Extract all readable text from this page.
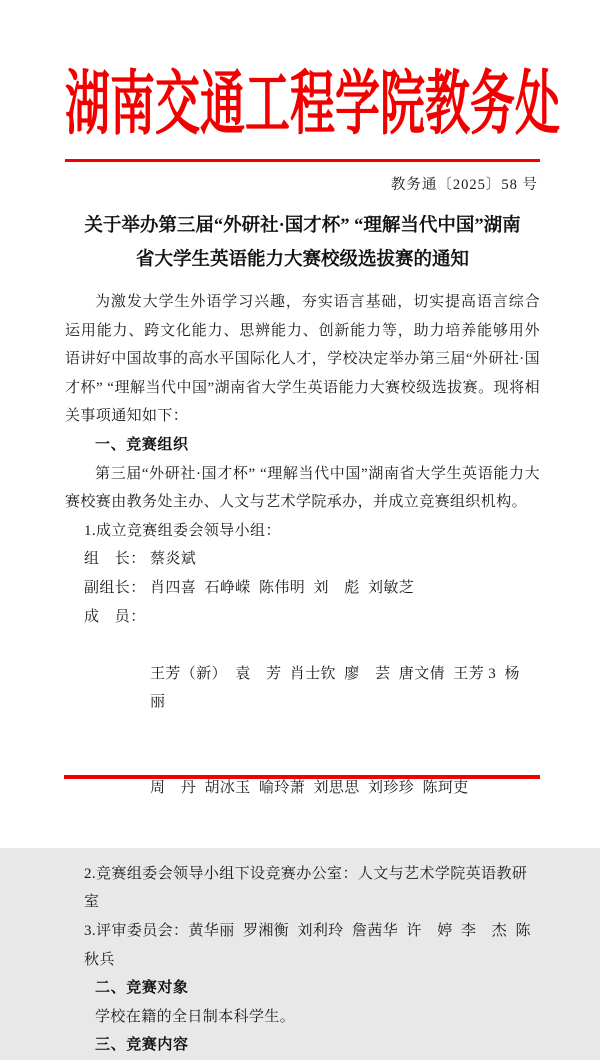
湖南交通工程学院教务处
教务通〔2025〕58 号
关于举办第三届“外研社·国才杯” “理解当代中国”湖南
省大学生英语能力大赛校级选拔赛的通知

为激发大学生外语学习兴趣，夯实语言基础，切实提高语言综合运用能力、跨文化能力、思辨能力、创新能力等，助力培养能够用外语讲好中国故事的高水平国际化人才，学校决定举办第三届“外研社·国才杯” “理解当代中国”湖南省大学生英语能力大赛校级选拔赛。现将相关事项通知如下：

一、竞赛组织

第三届“外研社·国才杯” “理解当代中国”湖南省大学生英语能力大赛校赛由教务处主办、人文与艺术学院承办，并成立竞赛组织机构。

1.成立竞赛组委会领导小组：
组　长： 蔡炎斌
副组长： 肖四喜  石峥嵘  陈伟明  刘　彪  刘敏芝
成　员：

王芳（新）  袁　芳  肖士钦  廖　芸  唐文倩  王芳 3  杨　丽

周　丹  胡冰玉  喻玲萧  刘思思  刘珍珍  陈珂吏

2.竞赛组委会领导小组下设竞赛办公室：人文与艺术学院英语教研室
3.评审委员会：黄华丽  罗湘衡  刘利玲  詹茜华  许　婷  李　杰  陈秋兵
二、竞赛对象

学校在籍的全日制本科学生。

三、竞赛内容
